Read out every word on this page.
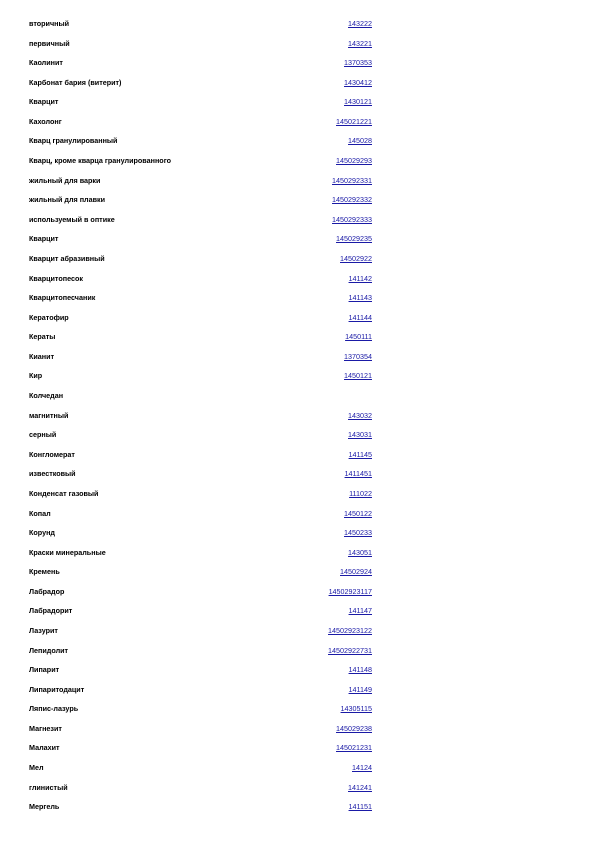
вторичный	143222
первичный	143221
Каолинит	1370353
Карбонат бария (витерит)	1430412
Кварцит	1430121
Кахолонг	145021221
Кварц гранулированный	145028
Кварц, кроме кварца гранулированного	145029293
жильный для варки	1450292331
жильный для плавки	1450292332
используемый в оптике	1450292333
Кварцит	145029235
Кварцит абразивный	14502922
Кварцитопесок	141142
Кварцитопесчаник	141143
Кератофир	141144
Кераты	1450111
Кианит	1370354
Кир	1450121
Колчедан
магнитный	143032
серный	143031
Конгломерат	141145
известковый	1411451
Конденсат газовый	111022
Копал	1450122
Корунд	1450233
Краски минеральные	143051
Кремень	14502924
Лабрадор	14502923117
Лабрадорит	141147
Лазурит	14502923122
Лепидолит	14502922731
Липарит	141148
Липаритодацит	141149
Ляпис-лазурь	14305115
Магнезит	145029238
Малахит	145021231
Мел	14124
глинистый	141241
Мергель	141151
